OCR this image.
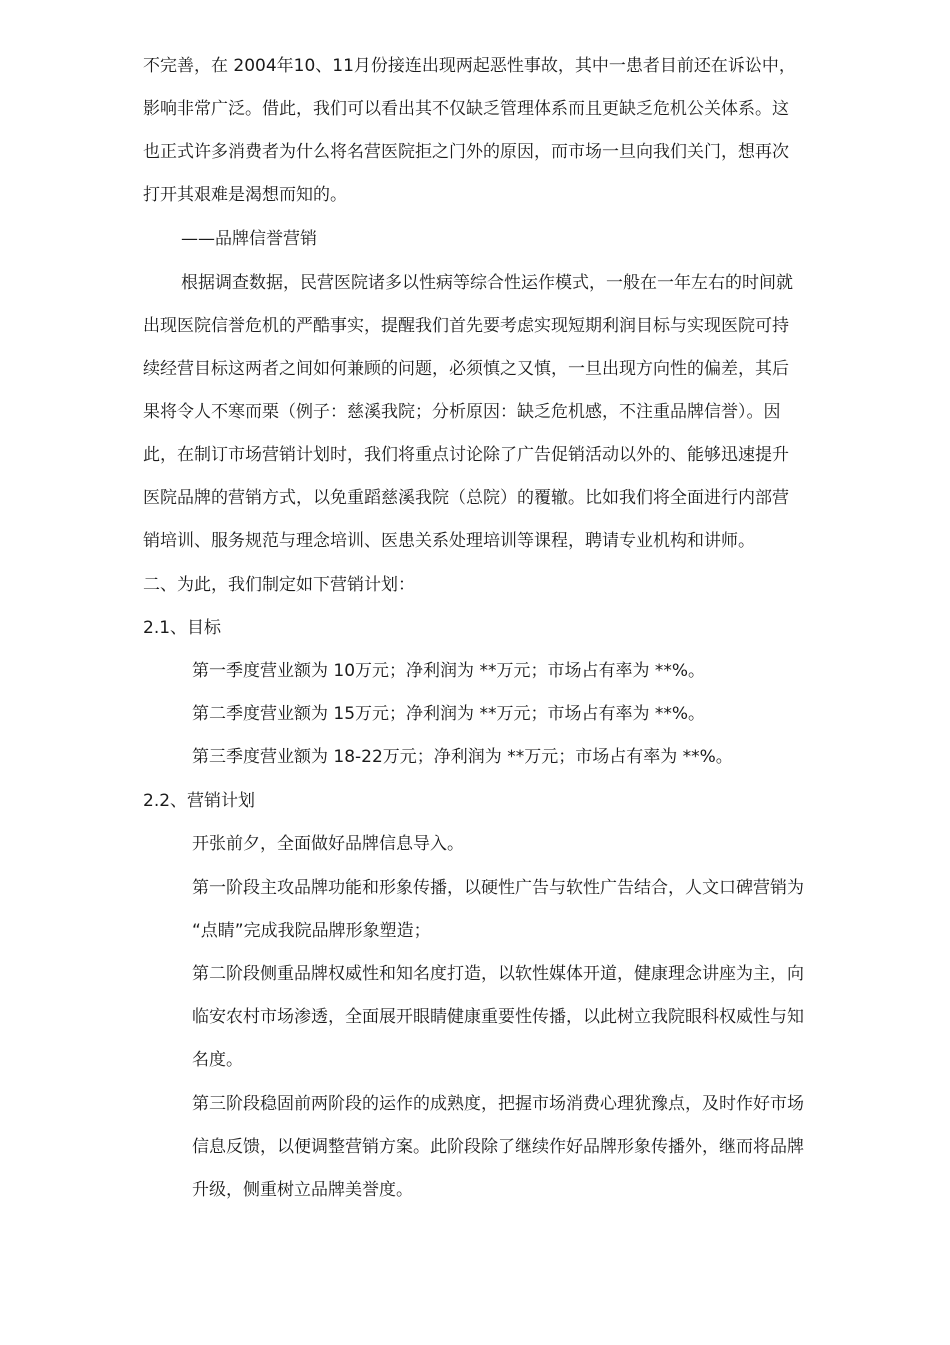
不完善，在 2004年10、11月份接连出现两起恶性事故，其中一患者目前还在诉讼中，
影响非常广泛。借此，我们可以看出其不仅缺乏管理体系而且更缺乏危机公关体系。这
也正式许多消费者为什么将名营医院拒之门外的原因，而市场一旦向我们关门，想再次
打开其艰难是渴想而知的。
——品牌信誉营销
根据调查数据，民营医院诸多以性病等综合性运作模式，一般在一年左右的时间就
出现医院信誉危机的严酷事实，提醒我们首先要考虑实现短期利润目标与实现医院可持
续经营目标这两者之间如何兼顾的问题，必须慎之又慎，一旦出现方向性的偏差，其后
果将令人不寒而栗（例子：慈溪我院；分析原因：缺乏危机感，不注重品牌信誉）。因
此，在制订市场营销计划时，我们将重点讨论除了广告促销活动以外的、能够迅速提升
医院品牌的营销方式，以免重蹈慈溪我院（总院）的覆辙。比如我们将全面进行内部营
销培训、服务规范与理念培训、医患关系处理培训等课程，聘请专业机构和讲师。
二、为此，我们制定如下营销计划：
2.1、目标
第一季度营业额为 10万元；净利润为 **万元；市场占有率为 **%。
第二季度营业额为 15万元；净利润为 **万元；市场占有率为 **%。
第三季度营业额为 18-22万元；净利润为 **万元；市场占有率为 **%。
2.2、营销计划
开张前夕，全面做好品牌信息导入。
第一阶段主攻品牌功能和形象传播，以硬性广告与软性广告结合，人文口碑营销为
“点睛”完成我院品牌形象塑造；
第二阶段侧重品牌权威性和知名度打造，以软性媒体开道，健康理念讲座为主，向
临安农村市场渗透，全面展开眼睛健康重要性传播，以此树立我院眼科权威性与知
名度。
第三阶段稳固前两阶段的运作的成熟度，把握市场消费心理犹豫点，及时作好市场
信息反馈，以便调整营销方案。此阶段除了继续作好品牌形象传播外，继而将品牌
升级，侧重树立品牌美誉度。
